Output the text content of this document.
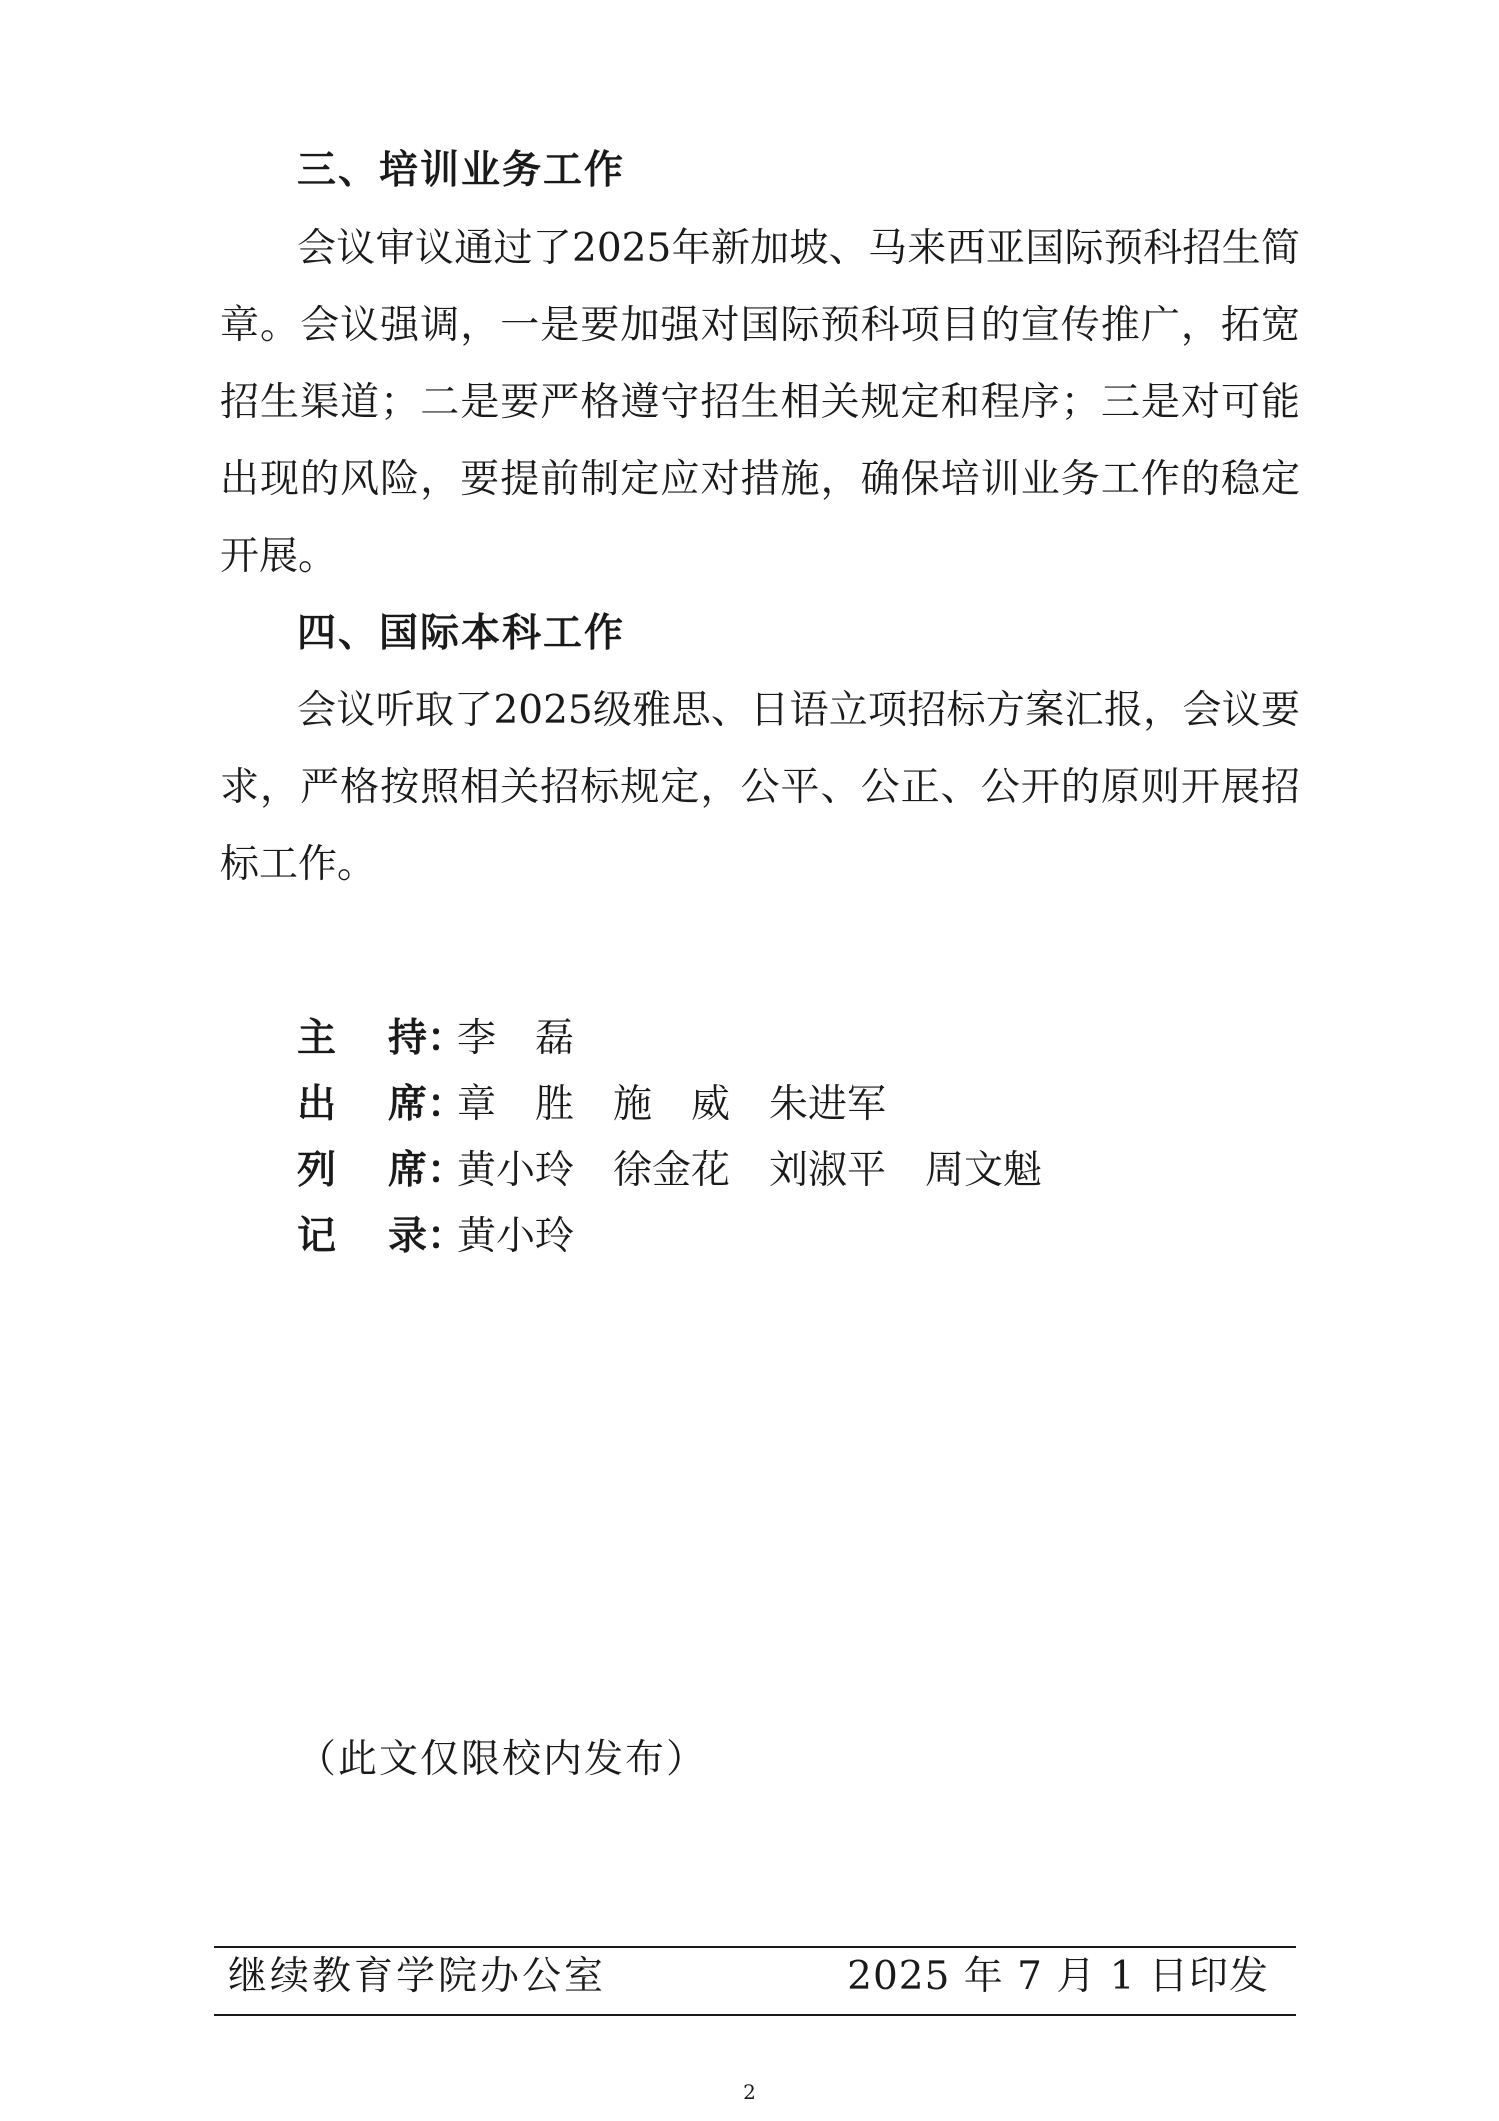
三、培训业务工作
会议审议通过了2025年新加坡、马来西亚国际预科招生简
章。会议强调，一是要加强对国际预科项目的宣传推广，拓宽
招生渠道；二是要严格遵守招生相关规定和程序；三是对可能
出现的风险，要提前制定应对措施，确保培训业务工作的稳定
开展。
四、国际本科工作
会议听取了2025级雅思、日语立项招标方案汇报，会议要
求，严格按照相关招标规定，公平、公正、公开的原则开展招
标工作。
主持：李　磊
出席：章　胜　施　威　朱进军
列席：黄小玲　徐金花　刘淑平　周文魁
记录：黄小玲
（此文仅限校内发布）
继续教育学院办公室	2025 年 7 月 1 日印发
2
